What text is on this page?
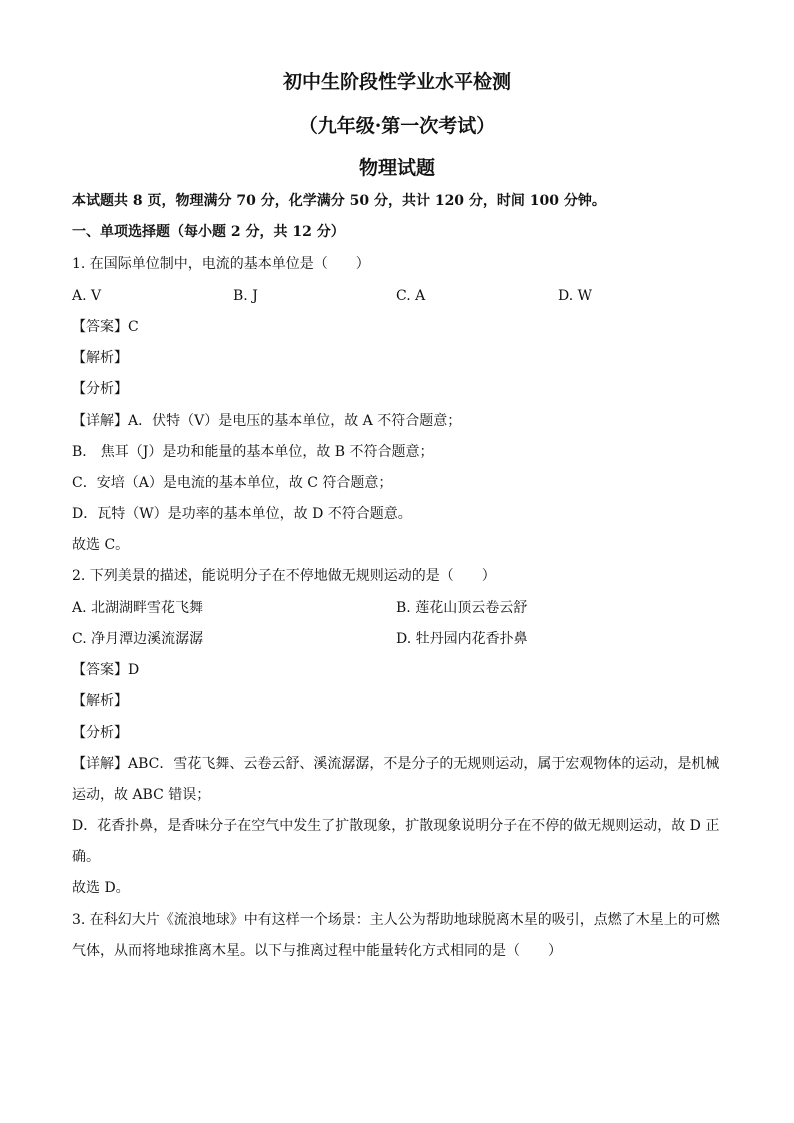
初中生阶段性学业水平检测
（九年级·第一次考试）
物理试题
本试题共 8 页，物理满分 70 分，化学满分 50 分，共计 120 分，时间 100 分钟。
一、单项选择题（每小题 2 分，共 12 分）
1. 在国际单位制中，电流的基本单位是（　　）
A. V	B. J	C. A	D. W
【答案】C
【解析】
【分析】
【详解】A．伏特（V）是电压的基本单位，故 A 不符合题意；
B． 焦耳（J）是功和能量的基本单位，故 B 不符合题意；
C．安培（A）是电流的基本单位，故 C 符合题意；
D．瓦特（W）是功率的基本单位，故 D 不符合题意。
故选 C。
2. 下列美景的描述，能说明分子在不停地做无规则运动的是（　　）
A. 北湖湖畔雪花飞舞	B. 莲花山顶云卷云舒
C. 净月潭边溪流潺潺	D. 牡丹园内花香扑鼻
【答案】D
【解析】
【分析】
【详解】ABC．雪花飞舞、云卷云舒、溪流潺潺，不是分子的无规则运动，属于宏观物体的运动，是机械
运动，故 ABC 错误；
D．花香扑鼻，是香味分子在空气中发生了扩散现象，扩散现象说明分子在不停的做无规则运动，故 D 正
确。
故选 D。
3. 在科幻大片《流浪地球》中有这样一个场景：主人公为帮助地球脱离木星的吸引，点燃了木星上的可燃
气体，从而将地球推离木星。以下与推离过程中能量转化方式相同的是（　　）
